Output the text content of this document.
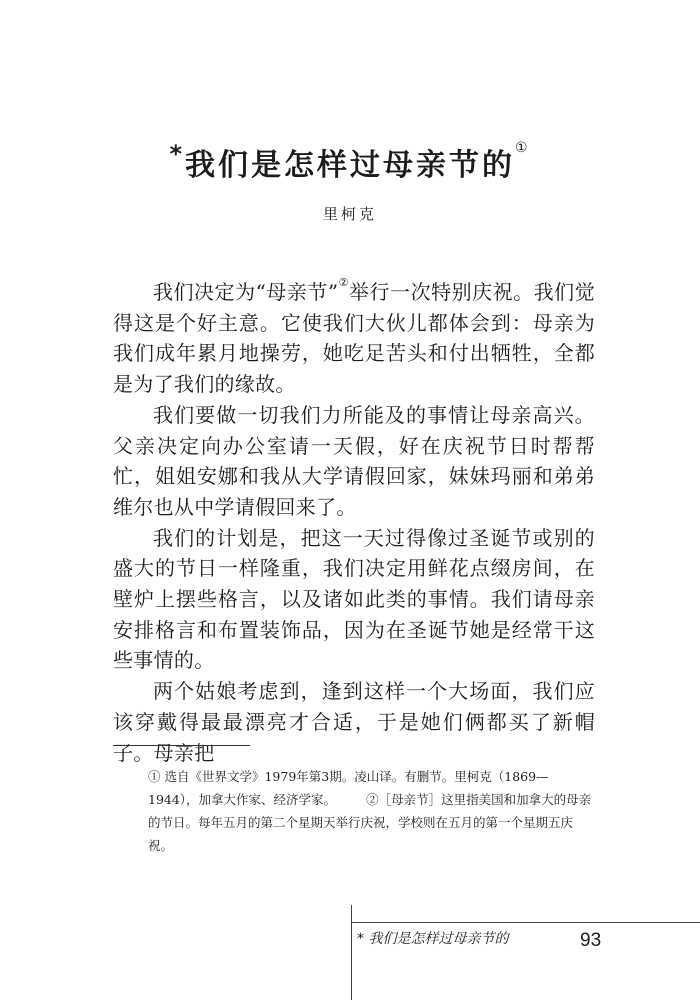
*我们是怎样过母亲节的①
里柯克

我们决定为“母亲节”②举行一次特别庆祝。我们觉得这是个好主意。它使我们大伙儿都体会到：母亲为我们成年累月地操劳，她吃足苦头和付出牺牲，全都是为了我们的缘故。

我们要做一切我们力所能及的事情让母亲高兴。父亲决定向办公室请一天假，好在庆祝节日时帮帮忙，姐姐安娜和我从大学请假回家，妹妹玛丽和弟弟维尔也从中学请假回来了。

我们的计划是，把这一天过得像过圣诞节或别的盛大的节日一样隆重，我们决定用鲜花点缀房间，在壁炉上摆些格言，以及诸如此类的事情。我们请母亲安排格言和布置装饰品，因为在圣诞节她是经常干这些事情的。

两个姑娘考虑到，逢到这样一个大场面，我们应该穿戴得最最漂亮才合适，于是她们俩都买了新帽子。母亲把

① 选自《世界文学》1979年第3期。凌山译。有删节。里柯克（1869—1944），加拿大作家、经济学家。 ②［母亲节］这里指美国和加拿大的母亲的节日。每年五月的第二个星期天举行庆祝，学校则在五月的第一个星期五庆祝。
* 我们是怎样过母亲节的	93
